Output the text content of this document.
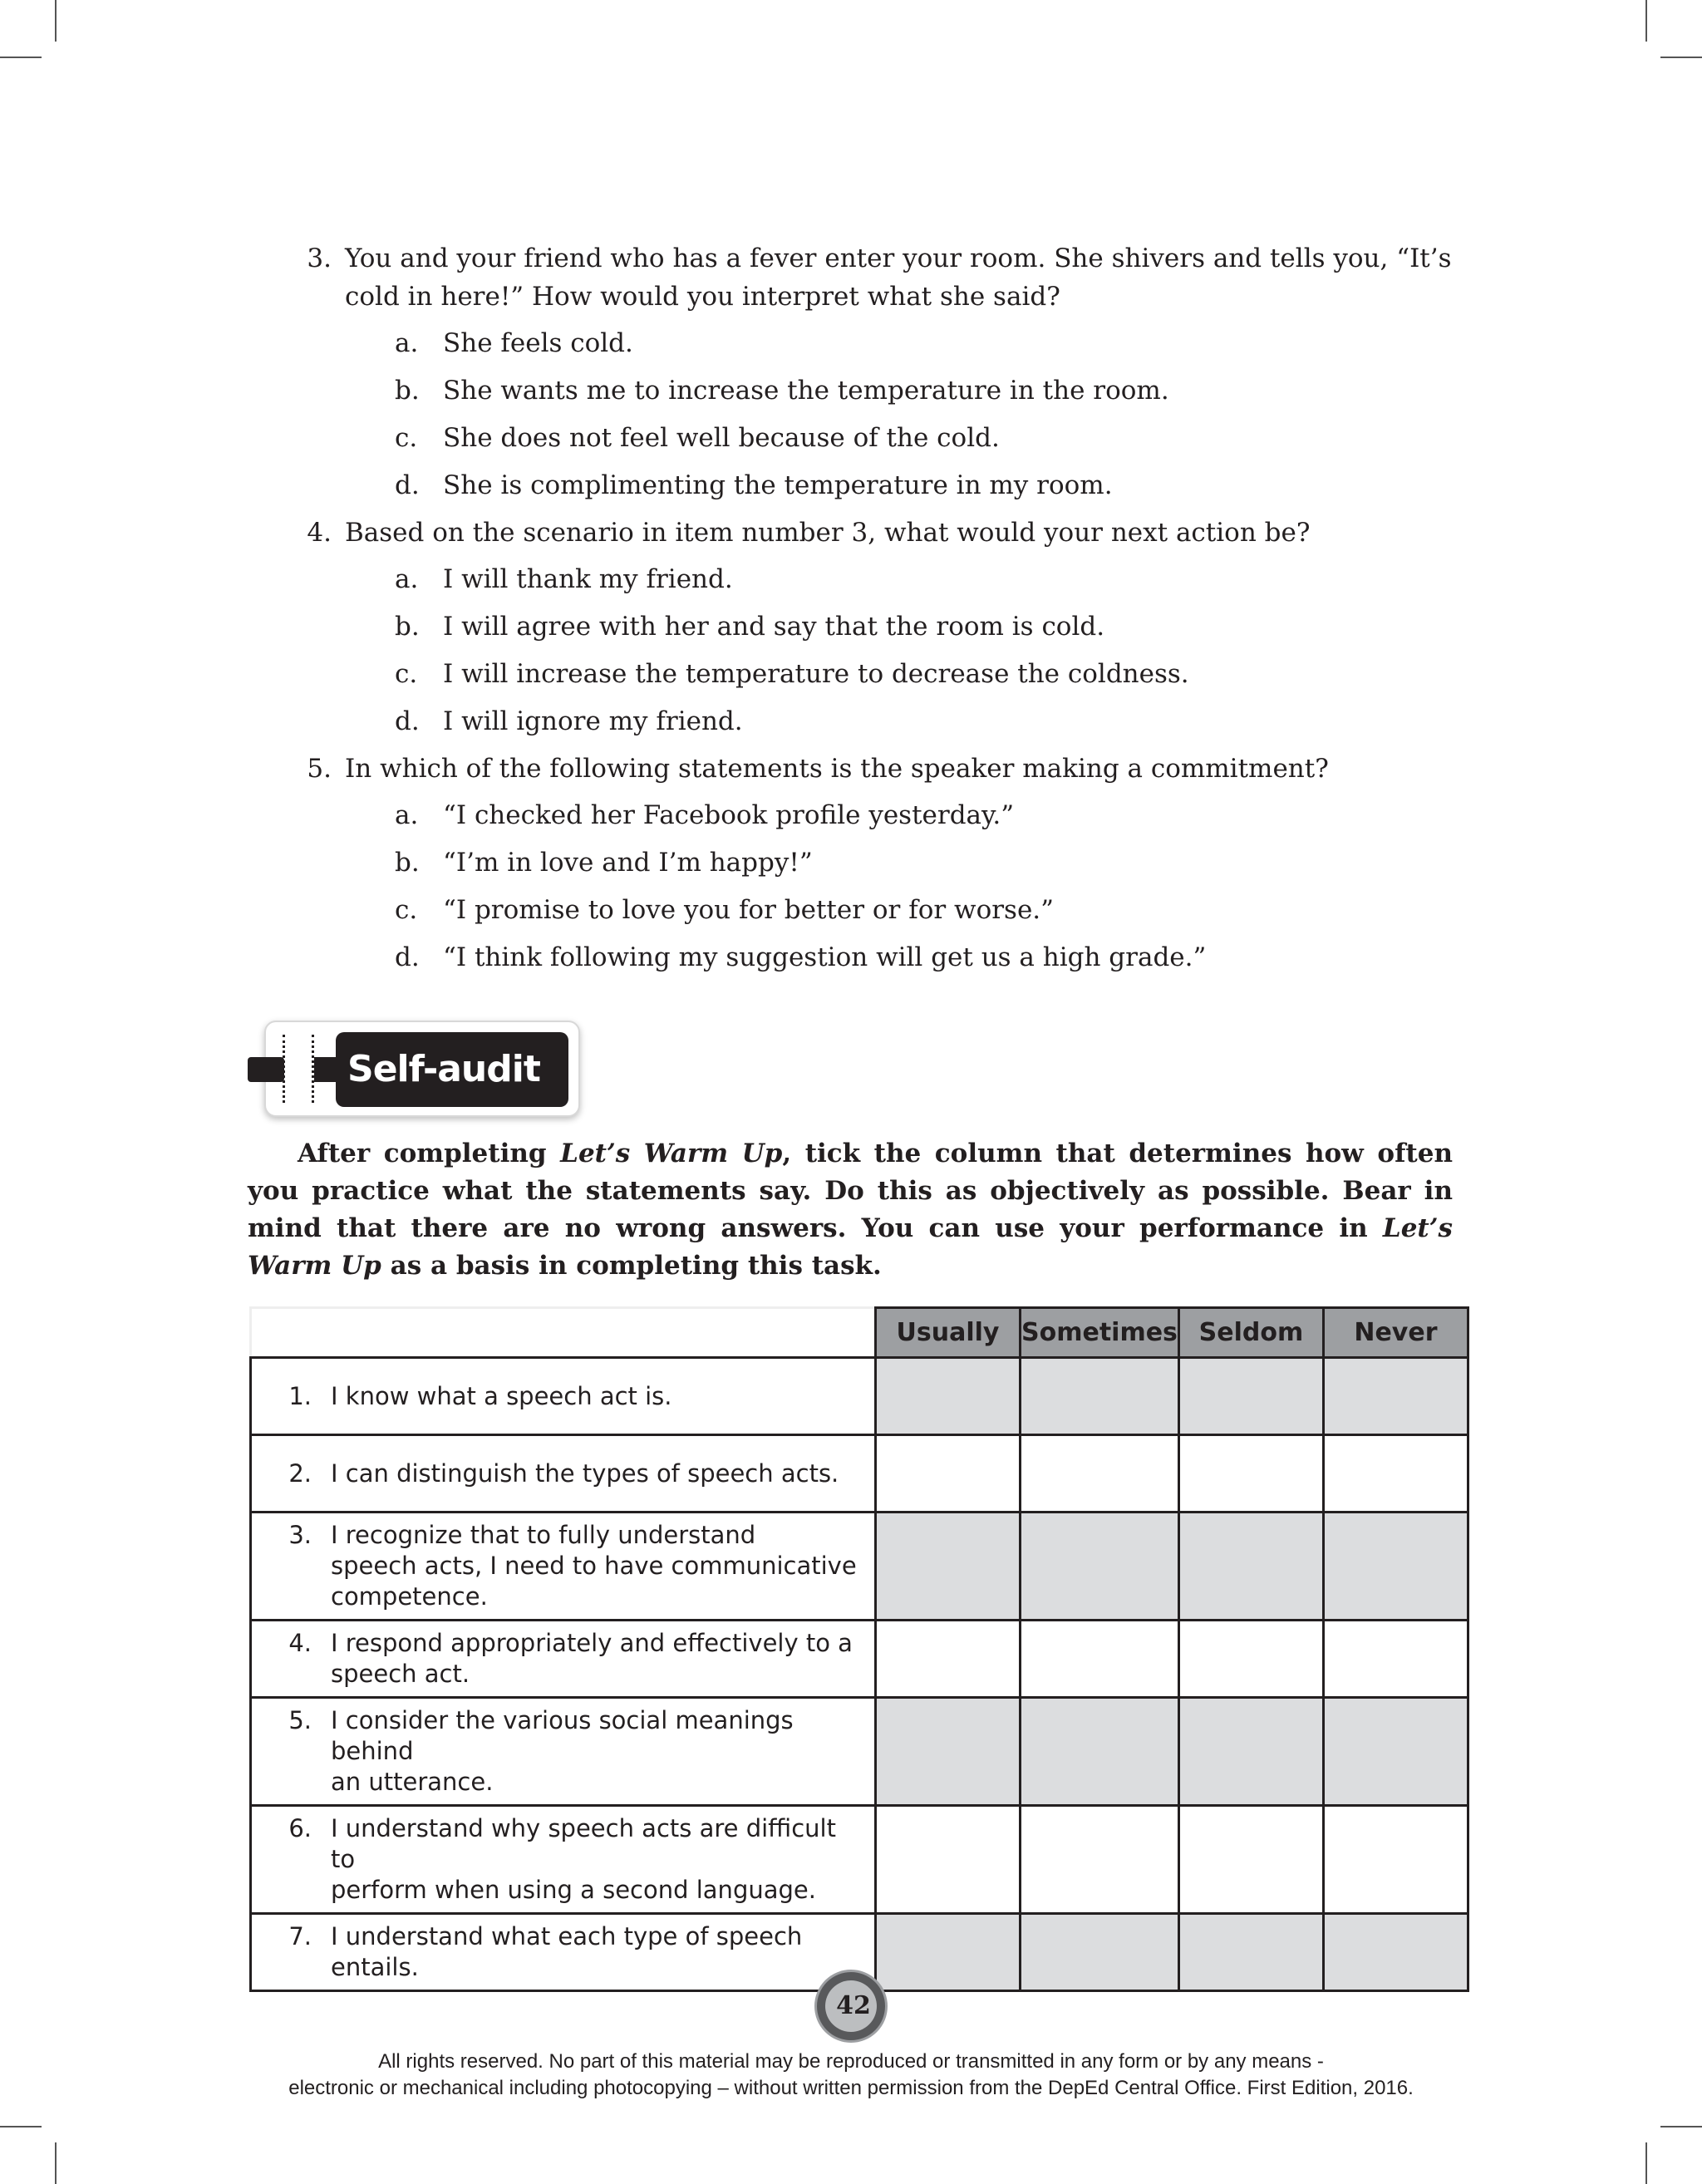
3. You and your friend who has a fever enter your room. She shivers and tells you, “It’s cold in here!” How would you interpret what she said?
a. She feels cold.
b. She wants me to increase the temperature in the room.
c. She does not feel well because of the cold.
d. She is complimenting the temperature in my room.
4. Based on the scenario in item number 3, what would your next action be?
a. I will thank my friend.
b. I will agree with her and say that the room is cold.
c. I will increase the temperature to decrease the coldness.
d. I will ignore my friend.
5. In which of the following statements is the speaker making a commitment?
a. “I checked her Facebook profile yesterday.”
b. “I’m in love and I’m happy!”
c. “I promise to love you for better or for worse.”
d. “I think following my suggestion will get us a high grade.”
Self-audit

After completing Let’s Warm Up, tick the column that determines how often you practice what the statements say. Do this as objectively as possible. Bear in mind that there are no wrong answers. You can use your performance in Let’s Warm Up as a basis in completing this task.

	Usually	Sometimes	Seldom	Never

1. I know what a speech act is.				

2. I can distinguish the types of speech acts.				

3. I recognize that to fully understand
speech acts, I need to have communicative
competence.				

4. I respond appropriately and effectively to a
speech act.				

5. I consider the various social meanings behind
an utterance.				

6. I understand why speech acts are difficult to
perform when using a second language.				

7. I understand what each type of speech entails.				

42
All rights reserved. No part of this material may be reproduced or transmitted in any form or by any means -
electronic or mechanical including photocopying – without written permission from the DepEd Central Office. First Edition, 2016.
